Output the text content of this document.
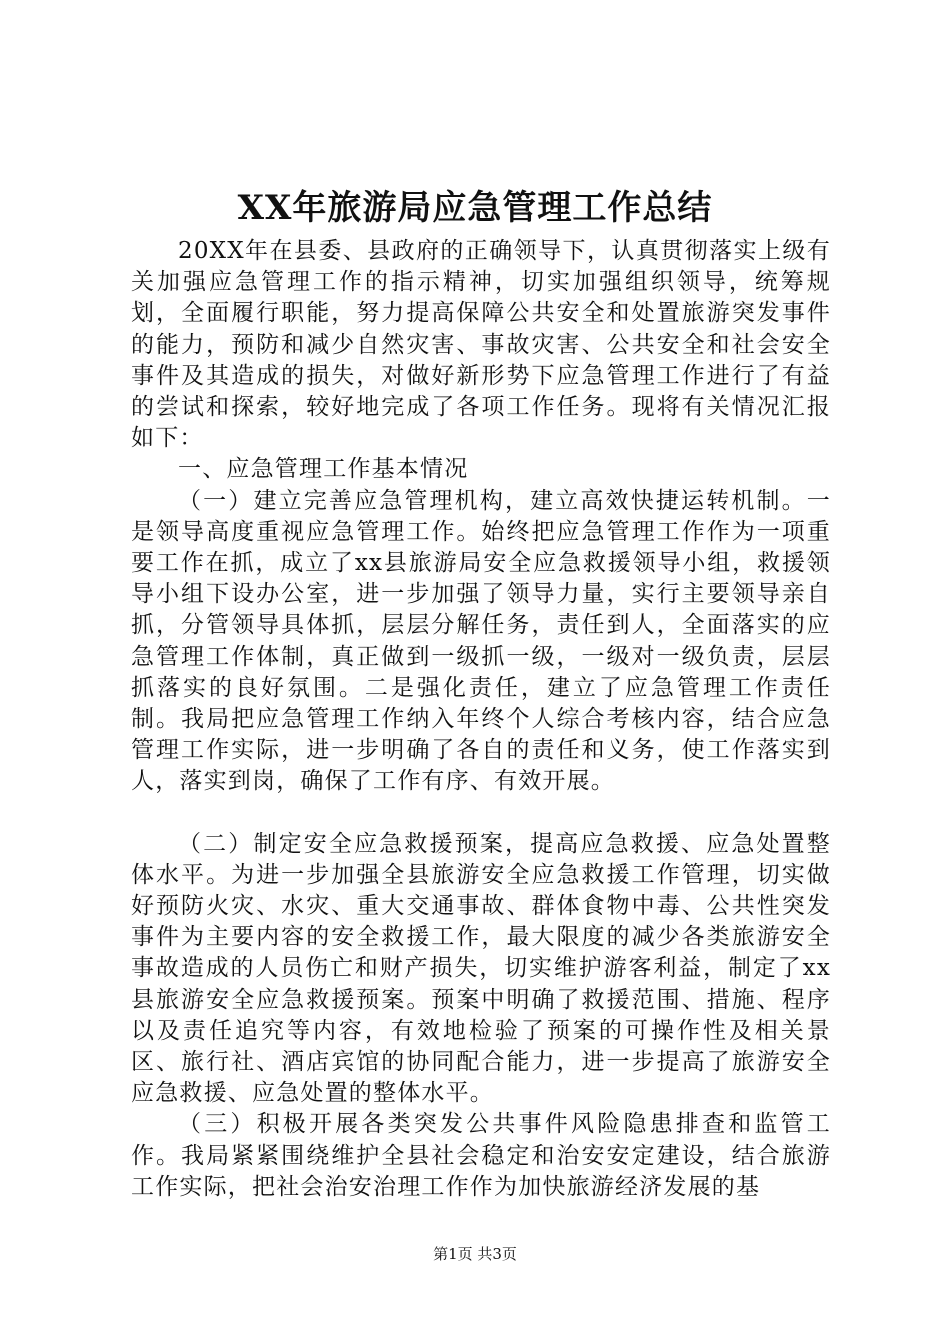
XX年旅游局应急管理工作总结

20XX年在县委、县政府的正确领导下，认真贯彻落实上级有关加强应急管理工作的指示精神，切实加强组织领导，统筹规划，全面履行职能，努力提高保障公共安全和处置旅游突发事件的能力，预防和减少自然灾害、事故灾害、公共安全和社会安全事件及其造成的损失，对做好新形势下应急管理工作进行了有益的尝试和探索，较好地完成了各项工作任务。现将有关情况汇报如下：

一、应急管理工作基本情况

（一）建立完善应急管理机构，建立高效快捷运转机制。一是领导高度重视应急管理工作。始终把应急管理工作作为一项重要工作在抓，成立了xx县旅游局安全应急救援领导小组，救援领导小组下设办公室，进一步加强了领导力量，实行主要领导亲自抓，分管领导具体抓，层层分解任务，责任到人，全面落实的应急管理工作体制，真正做到一级抓一级，一级对一级负责，层层抓落实的良好氛围。二是强化责任，建立了应急管理工作责任制。我局把应急管理工作纳入年终个人综合考核内容，结合应急管理工作实际，进一步明确了各自的责任和义务，使工作落实到人，落实到岗，确保了工作有序、有效开展。

（二）制定安全应急救援预案，提高应急救援、应急处置整体水平。为进一步加强全县旅游安全应急救援工作管理，切实做好预防火灾、水灾、重大交通事故、群体食物中毒、公共性突发事件为主要内容的安全救援工作，最大限度的减少各类旅游安全事故造成的人员伤亡和财产损失，切实维护游客利益，制定了xx县旅游安全应急救援预案。预案中明确了救援范围、措施、程序以及责任追究等内容，有效地检验了预案的可操作性及相关景区、旅行社、酒店宾馆的协同配合能力，进一步提高了旅游安全应急救援、应急处置的整体水平。

（三）积极开展各类突发公共事件风险隐患排查和监管工作。我局紧紧围绕维护全县社会稳定和治安安定建设，结合旅游工作实际，把社会治安治理工作作为加快旅游经济发展的基

第1页 共3页
